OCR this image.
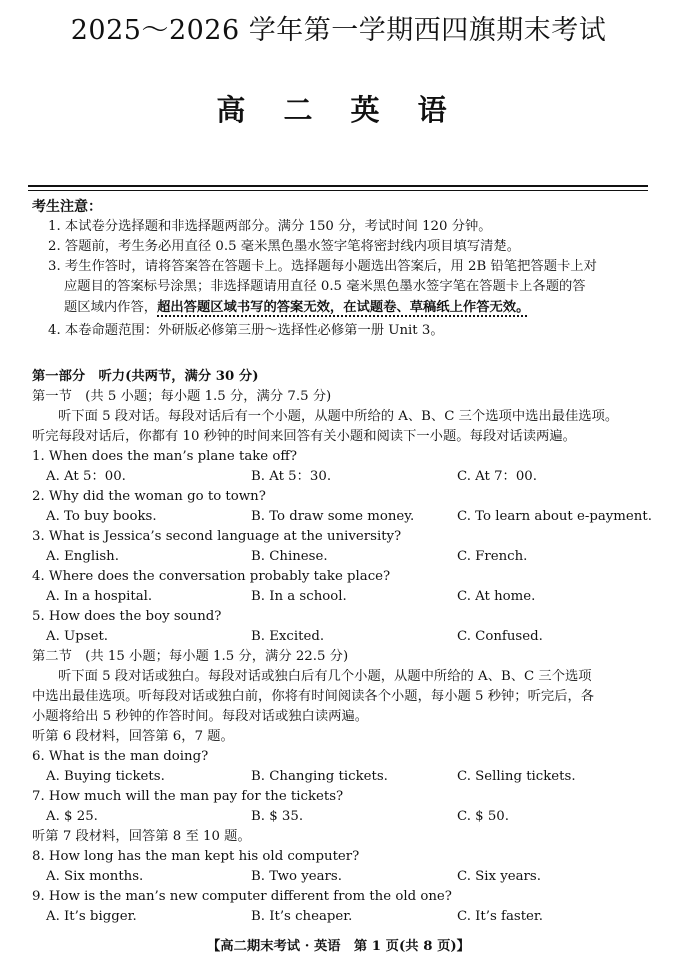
2025～2026 学年第一学期西四旗期末考试
高 二 英 语
考生注意：
1. 本试卷分选择题和非选择题两部分。满分 150 分，考试时间 120 分钟。
2. 答题前，考生务必用直径 0.5 毫米黑色墨水签字笔将密封线内项目填写清楚。
3. 考生作答时，请将答案答在答题卡上。选择题每小题选出答案后，用 2B 铅笔把答题卡上对
应题目的答案标号涂黑；非选择题请用直径 0.5 毫米黑色墨水签字笔在答题卡上各题的答
题区域内作答，超出答题区域书写的答案无效，在试题卷、草稿纸上作答无效。
4. 本卷命题范围：外研版必修第三册～选择性必修第一册 Unit 3。
第一部分　听力(共两节，满分 30 分)
第一节　(共 5 小题；每小题 1.5 分，满分 7.5 分)
听下面 5 段对话。每段对话后有一个小题，从题中所给的 A、B、C 三个选项中选出最佳选项。
听完每段对话后，你都有 10 秒钟的时间来回答有关小题和阅读下一小题。每段对话读两遍。
1. When does the man’s plane take off?
A. At 5：00.	B. At 5：30.	C. At 7：00.
2. Why did the woman go to town?
A. To buy books.	B. To draw some money.	C. To learn about e-payment.
3. What is Jessica’s second language at the university?
A. English.	B. Chinese.	C. French.
4. Where does the conversation probably take place?
A. In a hospital.	B. In a school.	C. At home.
5. How does the boy sound?
A. Upset.	B. Excited.	C. Confused.
第二节　(共 15 小题；每小题 1.5 分，满分 22.5 分)
听下面 5 段对话或独白。每段对话或独白后有几个小题，从题中所给的 A、B、C 三个选项
中选出最佳选项。听每段对话或独白前，你将有时间阅读各个小题，每小题 5 秒钟；听完后，各
小题将给出 5 秒钟的作答时间。每段对话或独白读两遍。
听第 6 段材料，回答第 6，7 题。
6. What is the man doing?
A. Buying tickets.	B. Changing tickets.	C. Selling tickets.
7. How much will the man pay for the tickets?
A. $ 25.	B. $ 35.	C. $ 50.
听第 7 段材料，回答第 8 至 10 题。
8. How long has the man kept his old computer?
A. Six months.	B. Two years.	C. Six years.
9. How is the man’s new computer different from the old one?
A. It’s bigger.	B. It’s cheaper.	C. It’s faster.
【高二期末考试 · 英语　第 1 页(共 8 页)】
